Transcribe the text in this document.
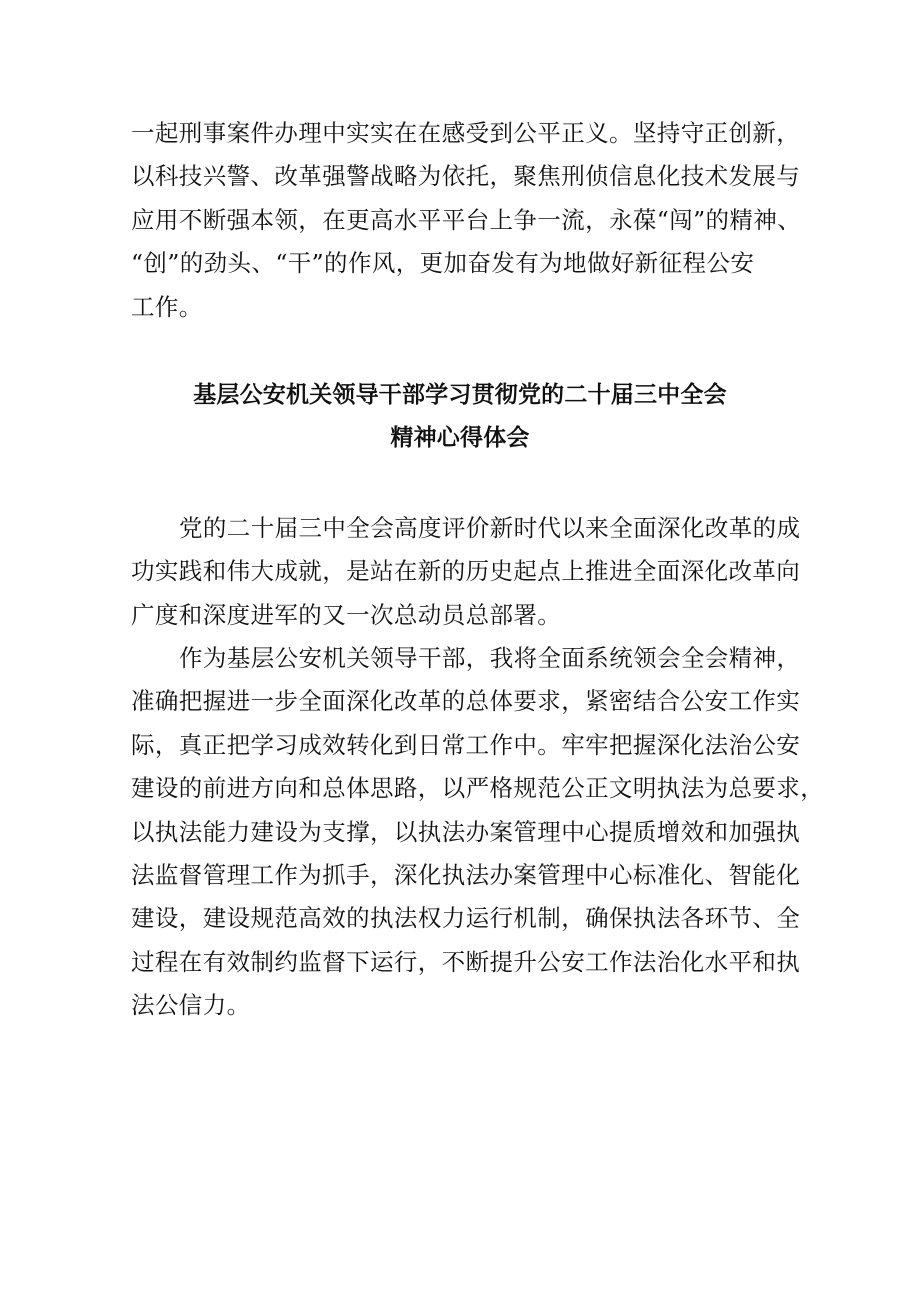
一起刑事案件办理中实实在在感受到公平正义。坚持守正创新，
以科技兴警、改革强警战略为依托，聚焦刑侦信息化技术发展与
应用不断强本领，在更高水平平台上争一流，永葆“闯”的精神、
“创”的劲头、“干”的作风，更加奋发有为地做好新征程公安
工作。
基层公安机关领导干部学习贯彻党的二十届三中全会
精神心得体会
党的二十届三中全会高度评价新时代以来全面深化改革的成
功实践和伟大成就，是站在新的历史起点上推进全面深化改革向
广度和深度进军的又一次总动员总部署。
作为基层公安机关领导干部，我将全面系统领会全会精神，
准确把握进一步全面深化改革的总体要求，紧密结合公安工作实
际，真正把学习成效转化到日常工作中。牢牢把握深化法治公安
建设的前进方向和总体思路，以严格规范公正文明执法为总要求，
以执法能力建设为支撑，以执法办案管理中心提质增效和加强执
法监督管理工作为抓手，深化执法办案管理中心标准化、智能化
建设，建设规范高效的执法权力运行机制，确保执法各环节、全
过程在有效制约监督下运行，不断提升公安工作法治化水平和执
法公信力。
